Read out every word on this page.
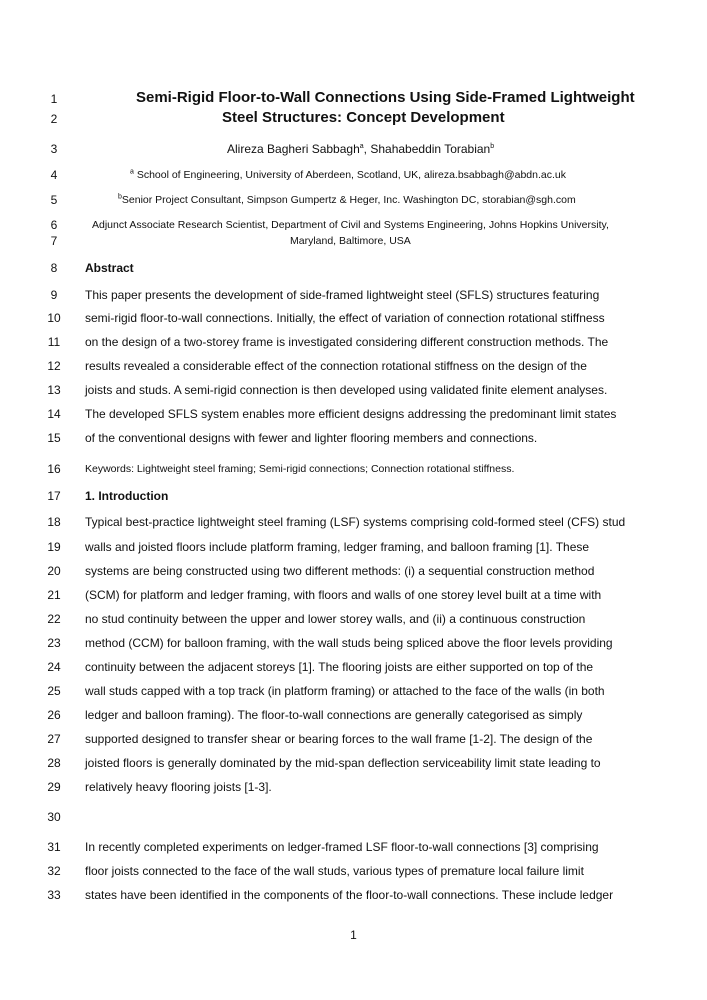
1
2
3
4
5
6
7
8
9
10
11
12
13
14
15
16
17
18
19
20
21
22
23
24
25
26
27
28
29
30
31
32
33
Semi-Rigid Floor-to-Wall Connections Using Side-Framed Lightweight
Steel Structures: Concept Development
Alireza Bagheri Sabbagh$^a$, Shahabeddin Torabian$^b$
$^a$ School of Engineering, University of Aberdeen, Scotland, UK, alireza.bsabbagh@abdn.ac.uk
$^b$Senior Project Consultant, Simpson Gumpertz & Heger, Inc. Washington DC, storabian@sgh.com
Adjunct Associate Research Scientist, Department of Civil and Systems Engineering, Johns Hopkins University,
Maryland, Baltimore, USA
Abstract
This paper presents the development of side-framed lightweight steel (SFLS) structures featuring
semi-rigid floor-to-wall connections. Initially, the effect of variation of connection rotational stiffness
on the design of a two-storey frame is investigated considering different construction methods. The
results revealed a considerable effect of the connection rotational stiffness on the design of the
joists and studs. A semi-rigid connection is then developed using validated finite element analyses.
The developed SFLS system enables more efficient designs addressing the predominant limit states
of the conventional designs with fewer and lighter flooring members and connections.
Keywords: Lightweight steel framing; Semi-rigid connections; Connection rotational stiffness.
1. Introduction
Typical best-practice lightweight steel framing (LSF) systems comprising cold-formed steel (CFS) stud
walls and joisted floors include platform framing, ledger framing, and balloon framing [1]. These
systems are being constructed using two different methods: (i) a sequential construction method
(SCM) for platform and ledger framing, with floors and walls of one storey level built at a time with
no stud continuity between the upper and lower storey walls, and (ii) a continuous construction
method (CCM) for balloon framing, with the wall studs being spliced above the floor levels providing
continuity between the adjacent storeys [1]. The flooring joists are either supported on top of the
wall studs capped with a top track (in platform framing) or attached to the face of the walls (in both
ledger and balloon framing). The floor-to-wall connections are generally categorised as simply
supported designed to transfer shear or bearing forces to the wall frame [1-2]. The design of the
joisted floors is generally dominated by the mid-span deflection serviceability limit state leading to
relatively heavy flooring joists [1-3].
In recently completed experiments on ledger-framed LSF floor-to-wall connections [3] comprising
floor joists connected to the face of the wall studs, various types of premature local failure limit
states have been identified in the components of the floor-to-wall connections. These include ledger
1
